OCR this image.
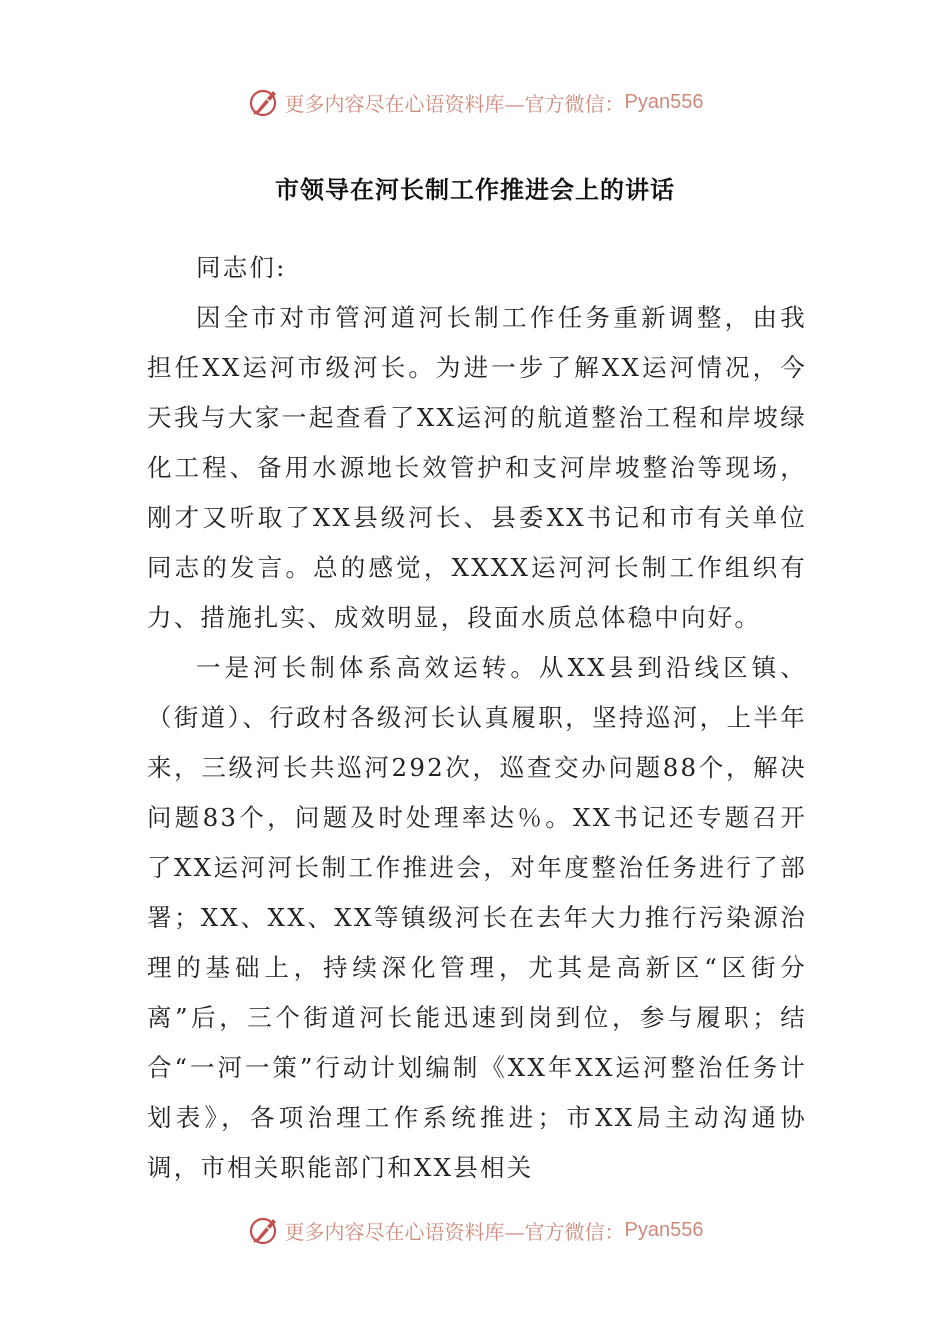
更多内容尽在心语资料库—官方微信： Pyan556
市领导在河长制工作推进会上的讲话

同志们:

因全市对市管河道河长制工作任务重新调整，由我担任XX运河市级河长。为进一步了解XX运河情况，今天我与大家一起查看了XX运河的航道整治工程和岸坡绿化工程、备用水源地长效管护和支河岸坡整治等现场，刚才又听取了XX县级河长、县委XX书记和市有关单位同志的发言。总的感觉，XXXX运河河长制工作组织有力、措施扎实、成效明显，段面水质总体稳中向好。

一是河长制体系高效运转。从XX县到沿线区镇、（街道）、行政村各级河长认真履职，坚持巡河，上半年来，三级河长共巡河292次，巡查交办问题88个，解决问题83个，问题及时处理率达％。XX书记还专题召开了XX运河河长制工作推进会，对年度整治任务进行了部署；XX、XX、XX等镇级河长在去年大力推行污染源治理的基础上，持续深化管理，尤其是高新区“区街分离”后，三个街道河长能迅速到岗到位，参与履职；结合“一河一策”行动计划编制《XX年XX运河整治任务计划表》，各项治理工作系统推进；市XX局主动沟通协调，市相关职能部门和XX县相关

更多内容尽在心语资料库—官方微信： Pyan556
